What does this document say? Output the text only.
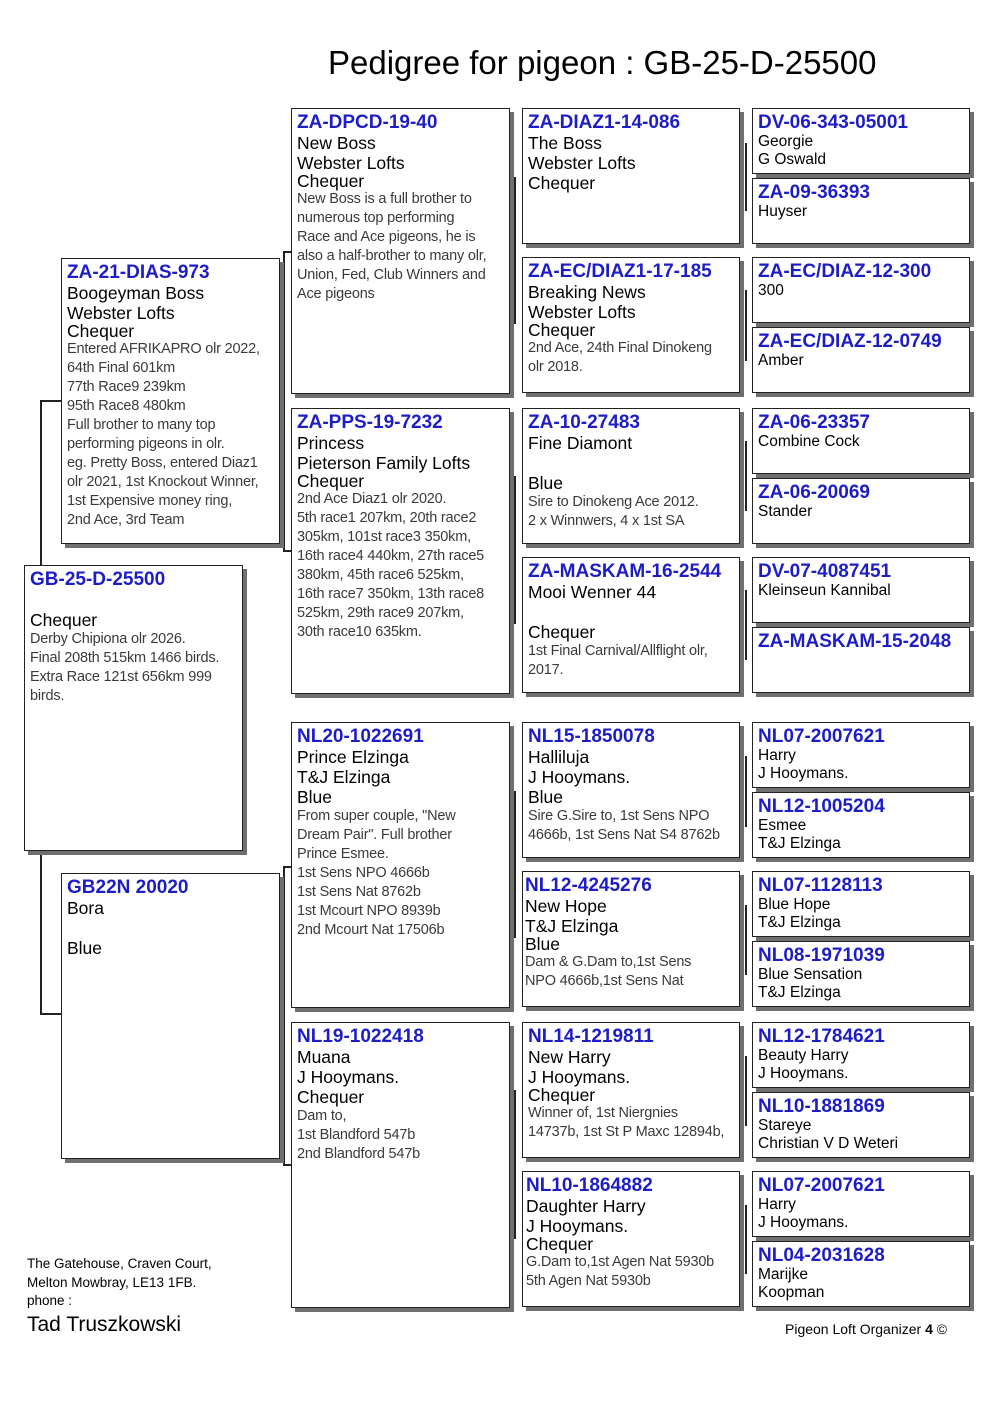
Pedigree for pigeon : GB-25-D-25500
GB-25-D-25500
Chequer
Derby Chipiona olr 2026.
Final 208th 515km 1466 birds.
Extra Race 121st 656km 999
birds.
ZA-21-DIAS-973
Boogeyman Boss
Webster Lofts
Chequer
Entered AFRIKAPRO olr 2022,
64th Final 601km
77th Race9 239km
95th Race8 480km
Full brother to many top
performing pigeons in olr.
eg. Pretty Boss, entered Diaz1
olr 2021, 1st Knockout Winner,
1st Expensive money ring,
2nd Ace, 3rd Team
GB22N 20020
Bora
Blue
ZA-DPCD-19-40
New Boss
Webster Lofts
Chequer
New Boss is a full brother to
numerous top performing
Race and Ace pigeons, he is
also a half-brother to many olr,
Union, Fed, Club Winners and
Ace pigeons
ZA-PPS-19-7232
Princess
Pieterson Family Lofts
Chequer
2nd Ace Diaz1 olr 2020.
5th race1 207km, 20th race2
305km, 101st race3 350km,
16th race4 440km, 27th race5
380km, 45th race6 525km,
16th race7 350km, 13th race8
525km, 29th race9 207km,
30th race10 635km.
NL20-1022691
Prince Elzinga
T&J Elzinga
Blue
From super couple, "New
Dream Pair". Full brother
Prince Esmee.
1st Sens NPO 4666b
1st Sens Nat 8762b
1st Mcourt NPO 8939b
2nd Mcourt Nat 17506b
NL19-1022418
Muana
J Hooymans.
Chequer
Dam to,
1st Blandford 547b
2nd Blandford 547b
ZA-DIAZ1-14-086
The Boss
Webster Lofts
Chequer
ZA-EC/DIAZ1-17-185
Breaking News
Webster Lofts
Chequer
2nd Ace, 24th Final Dinokeng
olr 2018.
ZA-10-27483
Fine Diamont
Blue
Sire to Dinokeng Ace 2012.
2 x Winnwers, 4 x 1st SA
ZA-MASKAM-16-2544
Mooi Wenner 44
Chequer
1st Final Carnival/Allflight olr,
2017.
NL15-1850078
Halliluja
J Hooymans.
Blue
Sire G.Sire to, 1st Sens NPO
4666b, 1st Sens Nat S4 8762b
NL12-4245276
New Hope
T&J Elzinga
Blue
Dam & G.Dam to,1st Sens
NPO 4666b,1st Sens Nat
NL14-1219811
New Harry
J Hooymans.
Chequer
Winner of, 1st Niergnies
14737b, 1st St P Maxc 12894b,
NL10-1864882
Daughter Harry
J Hooymans.
Chequer
G.Dam to,1st Agen Nat 5930b
5th Agen Nat 5930b
DV-06-343-05001
Georgie
G Oswald
ZA-09-36393
Huyser
ZA-EC/DIAZ-12-300
300
ZA-EC/DIAZ-12-0749
Amber
ZA-06-23357
Combine Cock
ZA-06-20069
Stander
DV-07-4087451
Kleinseun Kannibal
ZA-MASKAM-15-2048
NL07-2007621
Harry
J Hooymans.
NL12-1005204
Esmee
T&J Elzinga
NL07-1128113
Blue Hope
T&J Elzinga
NL08-1971039
Blue Sensation
T&J Elzinga
NL12-1784621
Beauty Harry
J Hooymans.
NL10-1881869
Stareye
Christian V D Weteri
NL07-2007621
Harry
J Hooymans.
NL04-2031628
Marijke
Koopman
The Gatehouse, Craven Court,
Melton Mowbray, LE13 1FB.
phone :
Tad Truszkowski	Pigeon Loft Organizer 4 ©
